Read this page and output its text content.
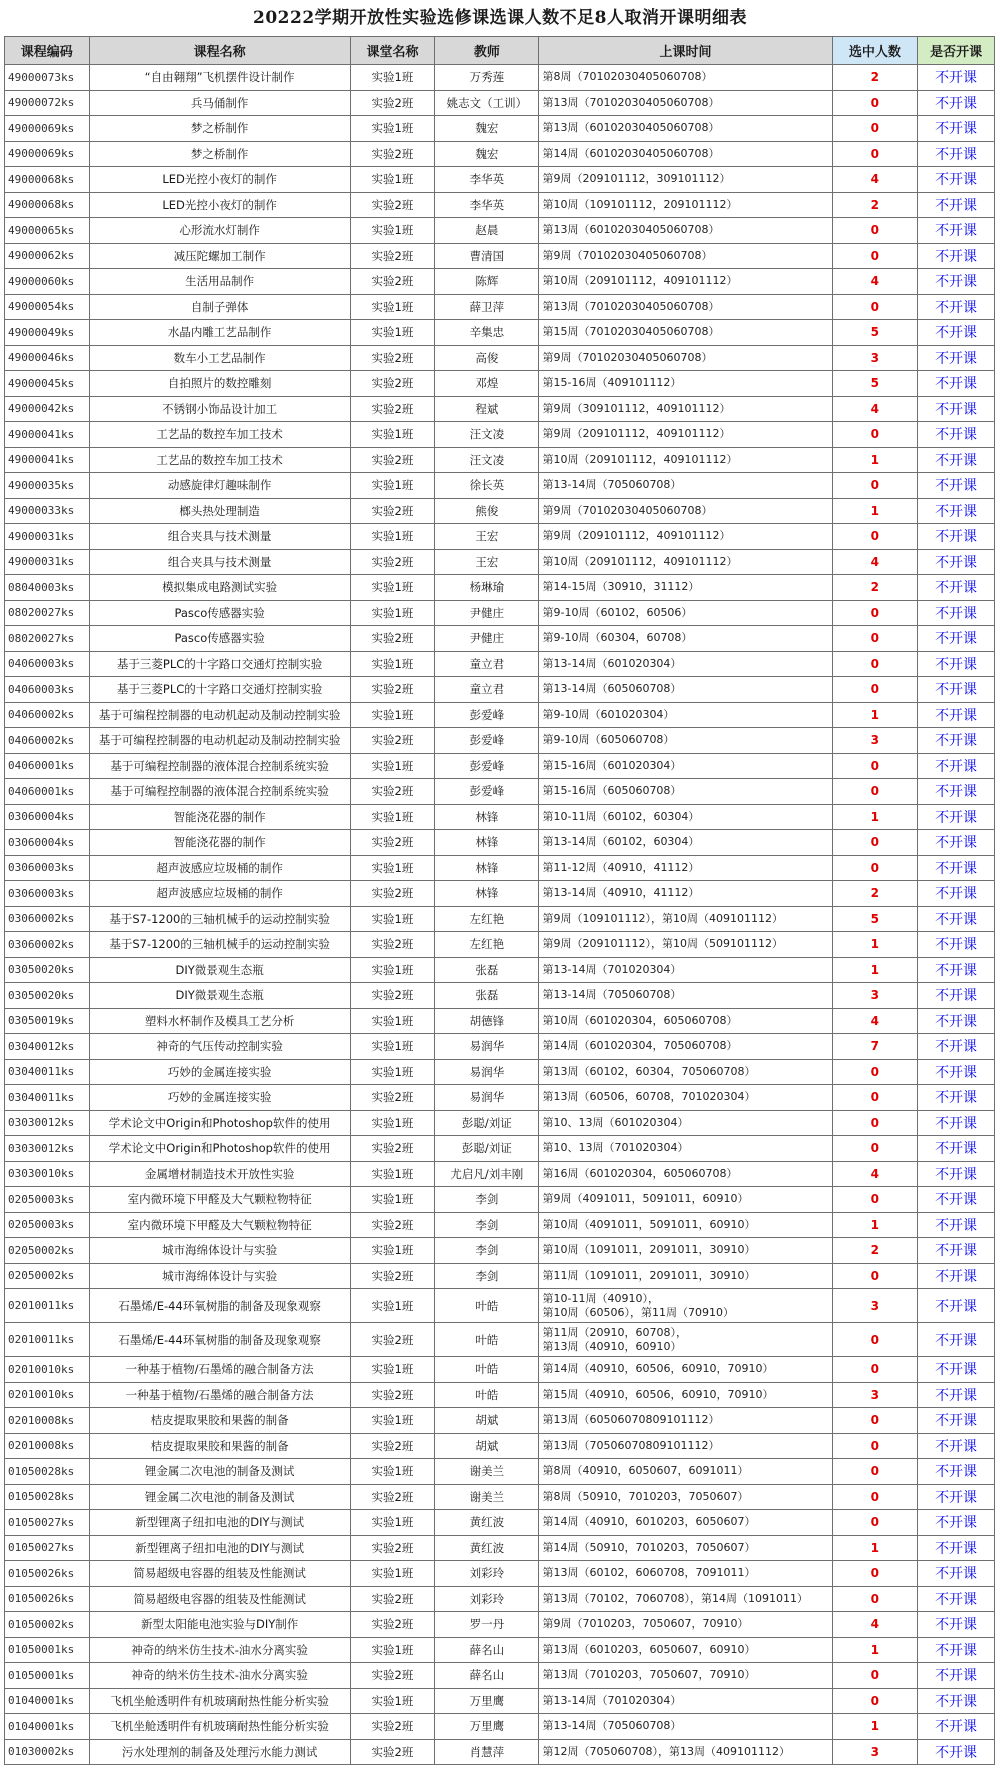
20222学期开放性实验选修课选课人数不足8人取消开课明细表
课程编码	课程名称	课堂名称	教师	上课时间	选中人数	是否开课
49000073ks	“自由翱翔”飞机摆件设计制作	实验1班	万秀莲	第8周（70102030405060708）	2	不开课
49000072ks	兵马俑制作	实验2班	姚志文（工训）	第13周（70102030405060708）	0	不开课
49000069ks	梦之桥制作	实验1班	魏宏	第13周（60102030405060708）	0	不开课
49000069ks	梦之桥制作	实验2班	魏宏	第14周（60102030405060708）	0	不开课
49000068ks	LED光控小夜灯的制作	实验1班	李华英	第9周（209101112，309101112）	4	不开课
49000068ks	LED光控小夜灯的制作	实验2班	李华英	第10周（109101112，209101112）	2	不开课
49000065ks	心形流水灯制作	实验1班	赵晨	第13周（60102030405060708）	0	不开课
49000062ks	减压陀螺加工制作	实验2班	曹清国	第9周（70102030405060708）	0	不开课
49000060ks	生活用品制作	实验2班	陈辉	第10周（209101112，409101112）	4	不开课
49000054ks	自制子弹体	实验1班	薛卫萍	第13周（70102030405060708）	0	不开课
49000049ks	水晶内雕工艺品制作	实验1班	辛集忠	第15周（70102030405060708）	5	不开课
49000046ks	数车小工艺品制作	实验2班	高俊	第9周（70102030405060708）	3	不开课
49000045ks	自拍照片的数控雕刻	实验2班	邓煌	第15-16周（409101112）	5	不开课
49000042ks	不锈钢小饰品设计加工	实验2班	程斌	第9周（309101112，409101112）	4	不开课
49000041ks	工艺品的数控车加工技术	实验1班	汪文凌	第9周（209101112，409101112）	0	不开课
49000041ks	工艺品的数控车加工技术	实验2班	汪文凌	第10周（209101112，409101112）	1	不开课
49000035ks	动感旋律灯趣味制作	实验1班	徐长英	第13-14周（705060708）	0	不开课
49000033ks	榔头热处理制造	实验2班	熊俊	第9周（70102030405060708）	1	不开课
49000031ks	组合夹具与技术测量	实验1班	王宏	第9周（209101112，409101112）	0	不开课
49000031ks	组合夹具与技术测量	实验2班	王宏	第10周（209101112，409101112）	4	不开课
08040003ks	模拟集成电路测试实验	实验1班	杨琳瑜	第14-15周（30910，31112）	2	不开课
08020027ks	Pasco传感器实验	实验1班	尹健庄	第9-10周（60102，60506）	0	不开课
08020027ks	Pasco传感器实验	实验2班	尹健庄	第9-10周（60304，60708）	0	不开课
04060003ks	基于三菱PLC的十字路口交通灯控制实验	实验1班	童立君	第13-14周（601020304）	0	不开课
04060003ks	基于三菱PLC的十字路口交通灯控制实验	实验2班	童立君	第13-14周（605060708）	0	不开课
04060002ks	基于可编程控制器的电动机起动及制动控制实验	实验1班	彭爱峰	第9-10周（601020304）	1	不开课
04060002ks	基于可编程控制器的电动机起动及制动控制实验	实验2班	彭爱峰	第9-10周（605060708）	3	不开课
04060001ks	基于可编程控制器的液体混合控制系统实验	实验1班	彭爱峰	第15-16周（601020304）	0	不开课
04060001ks	基于可编程控制器的液体混合控制系统实验	实验2班	彭爱峰	第15-16周（605060708）	0	不开课
03060004ks	智能浇花器的制作	实验1班	林锋	第10-11周（60102，60304）	1	不开课
03060004ks	智能浇花器的制作	实验2班	林锋	第13-14周（60102，60304）	0	不开课
03060003ks	超声波感应垃圾桶的制作	实验1班	林锋	第11-12周（40910，41112）	0	不开课
03060003ks	超声波感应垃圾桶的制作	实验2班	林锋	第13-14周（40910，41112）	2	不开课
03060002ks	基于S7-1200的三轴机械手的运动控制实验	实验1班	左红艳	第9周（109101112），第10周（409101112）	5	不开课
03060002ks	基于S7-1200的三轴机械手的运动控制实验	实验2班	左红艳	第9周（209101112），第10周（509101112）	1	不开课
03050020ks	DIY微景观生态瓶	实验1班	张磊	第13-14周（701020304）	1	不开课
03050020ks	DIY微景观生态瓶	实验2班	张磊	第13-14周（705060708）	3	不开课
03050019ks	塑料水杯制作及模具工艺分析	实验1班	胡德锋	第10周（601020304，605060708）	4	不开课
03040012ks	神奇的气压传动控制实验	实验1班	易润华	第14周（601020304，705060708）	7	不开课
03040011ks	巧妙的金属连接实验	实验1班	易润华	第13周（60102，60304，705060708）	0	不开课
03040011ks	巧妙的金属连接实验	实验2班	易润华	第13周（60506，60708，701020304）	0	不开课
03030012ks	学术论文中Origin和Photoshop软件的使用	实验1班	彭聪/刘证	第10、13周（601020304）	0	不开课
03030012ks	学术论文中Origin和Photoshop软件的使用	实验2班	彭聪/刘证	第10、13周（701020304）	0	不开课
03030010ks	金属增材制造技术开放性实验	实验1班	尤启凡/刘丰刚	第16周（601020304，605060708）	4	不开课
02050003ks	室内微环境下甲醛及大气颗粒物特征	实验1班	李剑	第9周（4091011，5091011，60910）	0	不开课
02050003ks	室内微环境下甲醛及大气颗粒物特征	实验2班	李剑	第10周（4091011，5091011，60910）	1	不开课
02050002ks	城市海绵体设计与实验	实验1班	李剑	第10周（1091011，2091011，30910）	2	不开课
02050002ks	城市海绵体设计与实验	实验2班	李剑	第11周（1091011，2091011，30910）	0	不开课
02010011ks	石墨烯/E-44环氧树脂的制备及现象观察	实验1班	叶皓	第10-11周（40910），
第10周（60506），第11周（70910）	3	不开课
02010011ks	石墨烯/E-44环氧树脂的制备及现象观察	实验2班	叶皓	第11周（20910，60708），
第13周（40910，60910）	0	不开课
02010010ks	一种基于植物/石墨烯的融合制备方法	实验1班	叶皓	第14周（40910，60506，60910，70910）	0	不开课
02010010ks	一种基于植物/石墨烯的融合制备方法	实验2班	叶皓	第15周（40910，60506，60910，70910）	3	不开课
02010008ks	桔皮提取果胶和果酱的制备	实验1班	胡斌	第13周（60506070809101112）	0	不开课
02010008ks	桔皮提取果胶和果酱的制备	实验2班	胡斌	第13周（70506070809101112）	0	不开课
01050028ks	锂金属二次电池的制备及测试	实验1班	谢美兰	第8周（40910，6050607，6091011）	0	不开课
01050028ks	锂金属二次电池的制备及测试	实验2班	谢美兰	第8周（50910，7010203，7050607）	0	不开课
01050027ks	新型锂离子纽扣电池的DIY与测试	实验1班	黄红波	第14周（40910，6010203，6050607）	0	不开课
01050027ks	新型锂离子纽扣电池的DIY与测试	实验2班	黄红波	第14周（50910，7010203，7050607）	1	不开课
01050026ks	简易超级电容器的组装及性能测试	实验1班	刘彩玲	第13周（60102，6060708，7091011）	0	不开课
01050026ks	简易超级电容器的组装及性能测试	实验2班	刘彩玲	第13周（70102，7060708），第14周（1091011）	0	不开课
01050002ks	新型太阳能电池实验与DIY制作	实验2班	罗一丹	第9周（7010203，7050607，70910）	4	不开课
01050001ks	神奇的纳米仿生技术-油水分离实验	实验1班	薛名山	第13周（6010203，6050607，60910）	1	不开课
01050001ks	神奇的纳米仿生技术-油水分离实验	实验2班	薛名山	第13周（7010203，7050607，70910）	0	不开课
01040001ks	飞机坐舱透明件有机玻璃耐热性能分析实验	实验1班	万里鹰	第13-14周（701020304）	0	不开课
01040001ks	飞机坐舱透明件有机玻璃耐热性能分析实验	实验2班	万里鹰	第13-14周（705060708）	1	不开课
01030002ks	污水处理剂的制备及处理污水能力测试	实验2班	肖慧萍	第12周（705060708），第13周（409101112）	3	不开课
